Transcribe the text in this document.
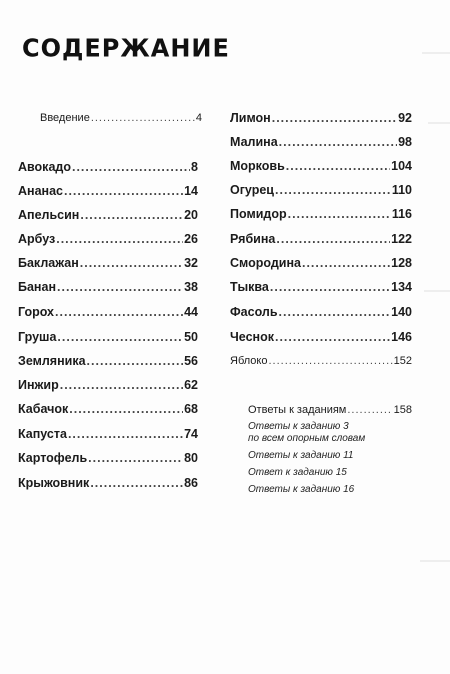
СОДЕРЖАНИЕ
Введение .....	4
Авокадо .....	8
Ананас .....	14
Апельсин .....	20
Арбуз .....	26
Баклажан .....	32
Банан .....	38
Горох .....	44
Груша .....	50
Земляника .....	56
Инжир .....	62
Кабачок .....	68
Капуста .....	74
Картофель .....	80
Крыжовник .....	86
Лимон .....	92
Малина .....	98
Морковь .....	104
Огурец .....	110
Помидор .....	116
Рябина .....	122
Смородина .....	128
Тыква .....	134
Фасоль .....	140
Чеснок .....	146
Яблоко .....	152
Ответы к заданиям .....	158
Ответы к заданию 3
по всем опорным словам
Ответы к заданию 11
Ответ к заданию 15
Ответы к заданию 16
